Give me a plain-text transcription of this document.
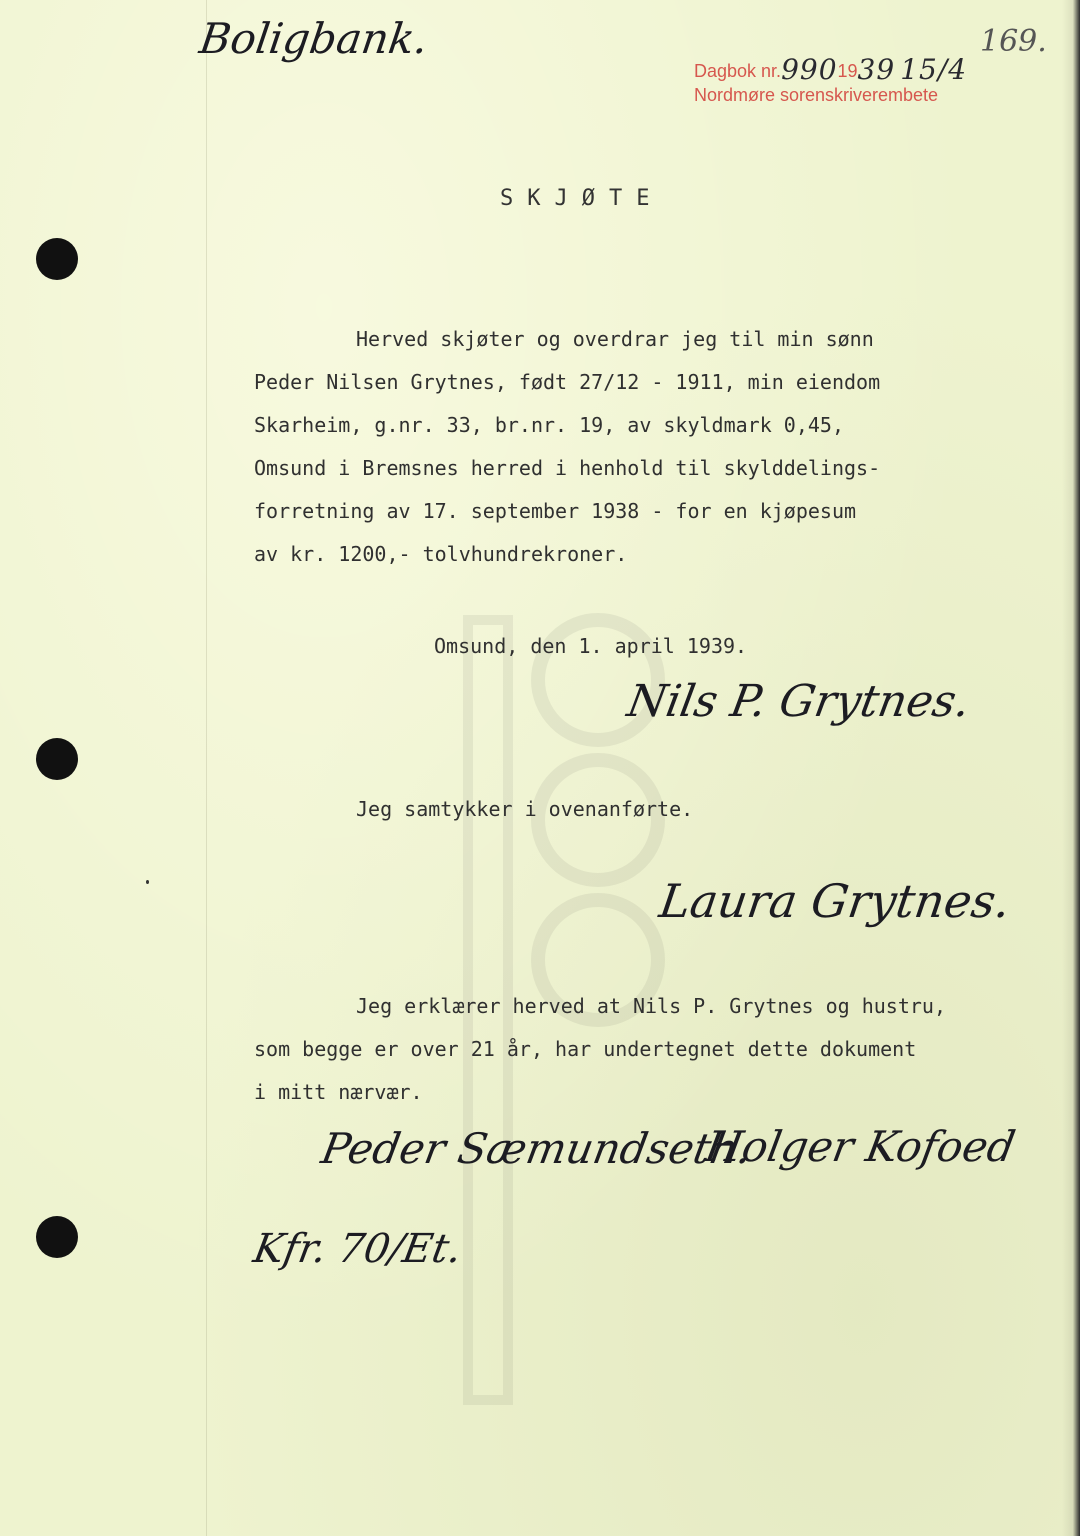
Boligbank.	169.
Dagbok nr.9901939 15/4
Nordmøre sorenskriverembete
SKJØTE
Herved skjøter og overdrar jeg til min sønn
Peder Nilsen Grytnes, født 27/12 - 1911, min eiendom
Skarheim, g.nr. 33, br.nr. 19, av skyldmark 0,45,
Omsund i Bremsnes herred i henhold til skylddelings-
forretning av 17. september 1938 - for en kjøpesum
av kr. 1200,- tolvhundrekroner.
Omsund, den 1. april 1939.
Nils P. Grytnes.
Jeg samtykker i ovenanførte.
Laura Grytnes.
Jeg erklærer herved at Nils P. Grytnes og hustru,
som begge er over 21 år, har undertegnet dette dokument
i mitt nærvær.
Peder Sæmundseth.
Holger Kofoed
Kfr. 70/Et.
